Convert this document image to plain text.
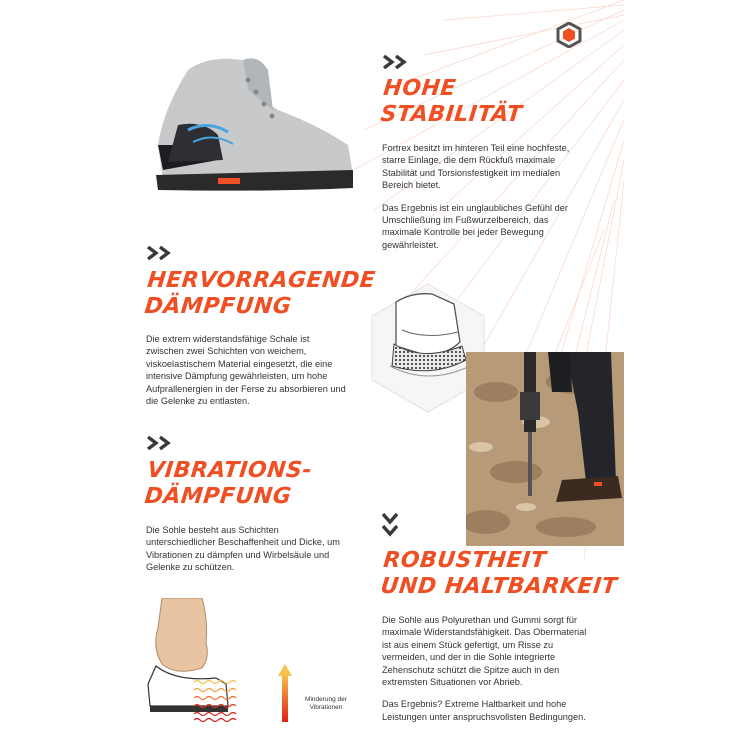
HOHE
STABILITÄT

Fortrex besitzt im hinteren Teil eine hochfeste, starre Einlage, die dem Rückfuß maximale Stabilität und Torsionsfestigkeit im medialen Bereich bietet.

Das Ergebnis ist ein unglaubliches Gefühl der Umschließung im Fußwurzelbereich, das maximale Kontrolle bei jeder Bewegung gewährleistet.

HERVORRAGENDE
DÄMPFUNG

Die extrem widerstandsfähige Schale ist zwischen zwei Schichten von weichem, viskoelastischem Material eingesetzt, die eine intensive Dämpfung gewährleisten, um hohe Aufprallenergien in der Ferse zu absorbieren und die Gelenke zu entlasten.

VIBRATIONS-
DÄMPFUNG

Die Sohle besteht aus Schichten unterschiedlicher Beschaffenheit und Dicke, um Vibrationen zu dämpfen und Wirbelsäule und Gelenke zu schützen.

Minderung der
Vibrationen
ROBUSTHEIT
UND HALTBARKEIT

Die Sohle aus Polyurethan und Gummi sorgt für maximale Widerstandsfähigkeit. Das Obermaterial ist aus einem Stück gefertigt, um Risse zu vermeiden, und der in die Sohle integrierte Zehenschutz schützt die Spitze auch in den extremsten Situationen vor Abrieb.

Das Ergebnis? Extreme Haltbarkeit und hohe Leistungen unter anspruchsvollsten Bedingungen.
